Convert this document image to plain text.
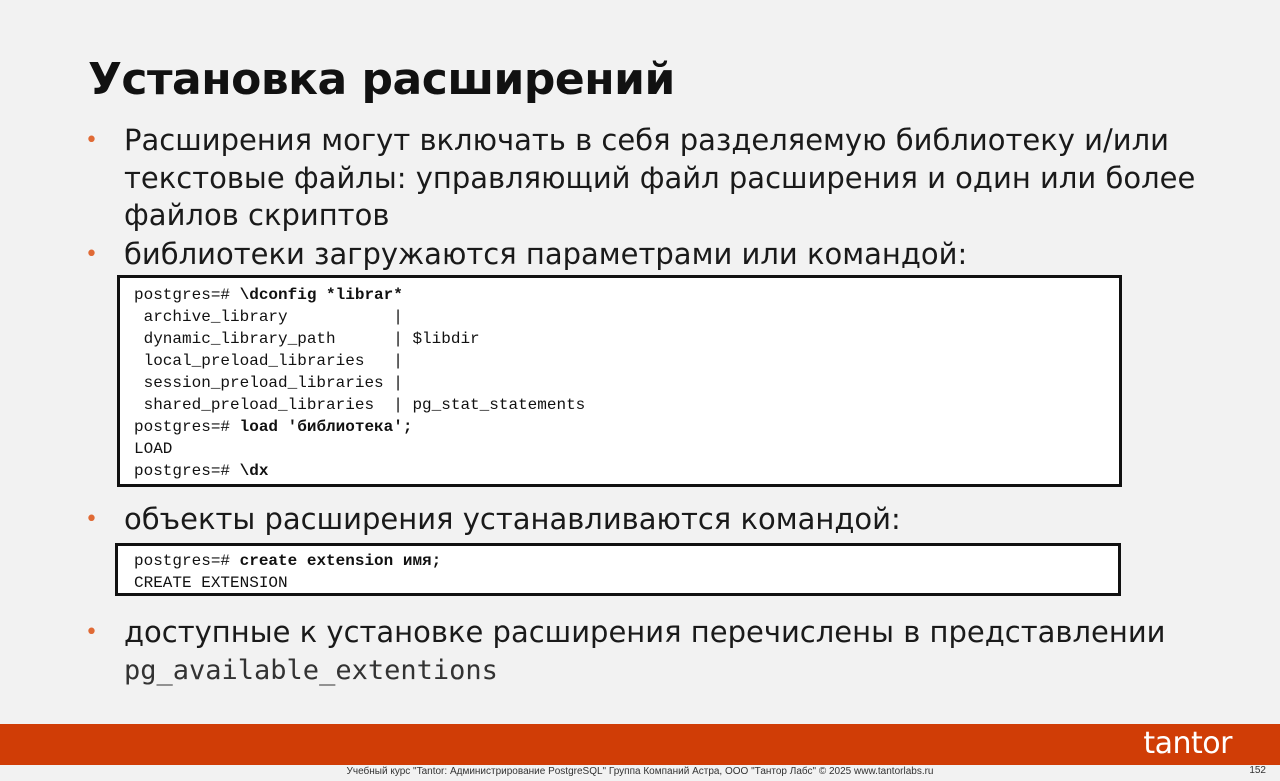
Установка расширений
• Расширения могут включать в себя разделяемую библиотеку и/или
текстовые файлы: управляющий файл расширения и один или более
файлов скриптов
• библиотеки загружаются параметрами или командой:
postgres=# \dconfig *librar*
archive_library           |
dynamic_library_path      | $libdir
local_preload_libraries   |
session_preload_libraries |
shared_preload_libraries  | pg_stat_statements
postgres=# load 'библиотека';
LOAD
postgres=# \dx
• объекты расширения устанавливаются командой:
postgres=# create extension имя;
CREATE EXTENSION
• доступные к установке расширения перечислены в представлении
pg_available_extentions
tantor
Учебный курс "Tantor: Администрирование PostgreSQL" Группа Компаний Астра, ООО "Тантор Лабс" © 2025 www.tantorlabs.ru	152
